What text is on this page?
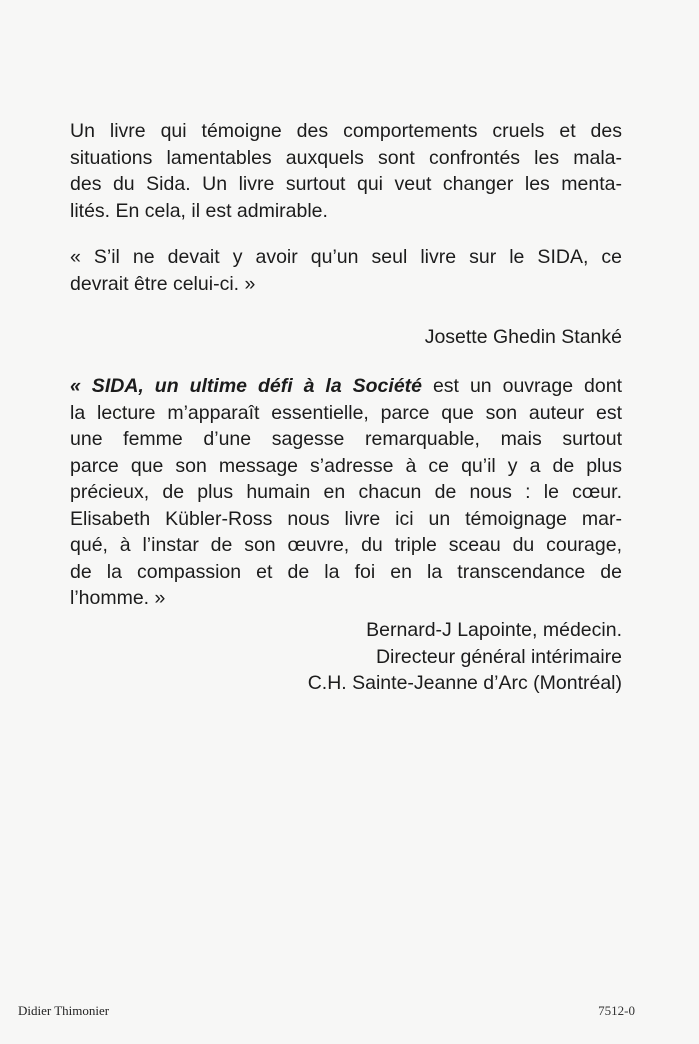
Un livre qui témoigne des comportements cruels et des
situations lamentables auxquels sont confrontés les mala-
des du Sida. Un livre surtout qui veut changer les menta-
lités. En cela, il est admirable.
« S’il ne devait y avoir qu’un seul livre sur le SIDA, ce
devrait être celui-ci. »
Josette Ghedin Stanké
« SIDA, un ultime défi à la Société est un ouvrage dont
la lecture m’apparaît essentielle, parce que son auteur est
une femme d’une sagesse remarquable, mais surtout
parce que son message s’adresse à ce qu’il y a de plus
précieux, de plus humain en chacun de nous : le cœur.
Elisabeth Kübler-Ross nous livre ici un témoignage mar-
qué, à l’instar de son œuvre, du triple sceau du courage,
de la compassion et de la foi en la transcendance de
l’homme. »
Bernard-J Lapointe, médecin.
Directeur général intérimaire
C.H. Sainte-Jeanne d’Arc (Montréal)
Didier Thimonier	7512-0
